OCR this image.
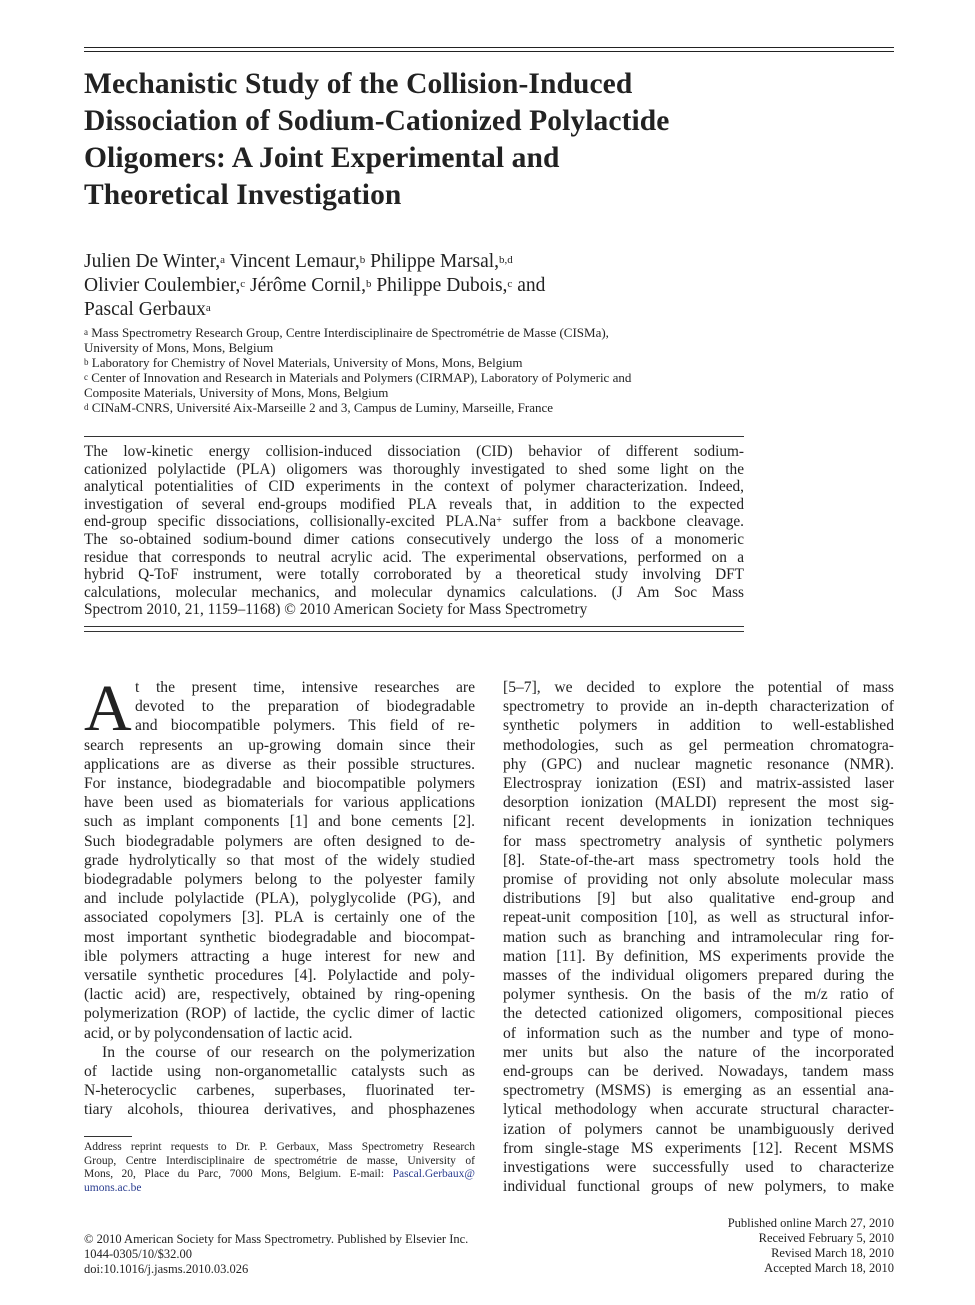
Mechanistic Study of the Collision-Induced
Dissociation of Sodium-Cationized Polylactide
Oligomers: A Joint Experimental and
Theoretical Investigation
Julien De Winter,$^a$ Vincent Lemaur,$^b$ Philippe Marsal,$^{b,d}$
Olivier Coulembier,$^c$ Jérôme Cornil,$^b$ Philippe Dubois,$^c$ and
Pascal Gerbaux$^a$
$^a$ Mass Spectrometry Research Group, Centre Interdisciplinaire de Spectrométrie de Masse (CISMa),
University of Mons, Mons, Belgium
$^b$ Laboratory for Chemistry of Novel Materials, University of Mons, Mons, Belgium
$^c$ Center of Innovation and Research in Materials and Polymers (CIRMAP), Laboratory of Polymeric and
Composite Materials, University of Mons, Mons, Belgium
$^d$ CINaM-CNRS, Université Aix-Marseille 2 and 3, Campus de Luminy, Marseille, France
The low-kinetic energy collision-induced dissociation (CID) behavior of different sodium-
cationized polylactide (PLA) oligomers was thoroughly investigated to shed some light on the
analytical potentialities of CID experiments in the context of polymer characterization. Indeed,
investigation of several end-groups modified PLA reveals that, in addition to the expected
end-group specific dissociations, collisionally-excited PLA.Na+ suffer from a backbone cleavage.
The so-obtained sodium-bound dimer cations consecutively undergo the loss of a monomeric
residue that corresponds to neutral acrylic acid. The experimental observations, performed on a
hybrid Q-ToF instrument, were totally corroborated by a theoretical study involving DFT
calculations, molecular mechanics, and molecular dynamics calculations. (J Am Soc Mass
Spectrom 2010, 21, 1159–1168) © 2010 American Society for Mass Spectrometry
A t the present time, intensive researches are
devoted to the preparation of biodegradable
and biocompatible polymers. This field of re-
search represents an up-growing domain since their
applications are as diverse as their possible structures.
For instance, biodegradable and biocompatible polymers
have been used as biomaterials for various applications
such as implant components [1] and bone cements [2].
Such biodegradable polymers are often designed to de-
grade hydrolytically so that most of the widely studied
biodegradable polymers belong to the polyester family
and include polylactide (PLA), polyglycolide (PG), and
associated copolymers [3]. PLA is certainly one of the
most important synthetic biodegradable and biocompat-
ible polymers attracting a huge interest for new and
versatile synthetic procedures [4]. Polylactide and poly-
(lactic acid) are, respectively, obtained by ring-opening
polymerization (ROP) of lactide, the cyclic dimer of lactic
acid, or by polycondensation of lactic acid.
In the course of our research on the polymerization
of lactide using non-organometallic catalysts such as
N-heterocyclic carbenes, superbases, fluorinated ter-
tiary alcohols, thiourea derivatives, and phosphazenes
[5–7], we decided to explore the potential of mass
spectrometry to provide an in-depth characterization of
synthetic polymers in addition to well-established
methodologies, such as gel permeation chromatogra-
phy (GPC) and nuclear magnetic resonance (NMR).
Electrospray ionization (ESI) and matrix-assisted laser
desorption ionization (MALDI) represent the most sig-
nificant recent developments in ionization techniques
for mass spectrometry analysis of synthetic polymers
[8]. State-of-the-art mass spectrometry tools hold the
promise of providing not only absolute molecular mass
distributions [9] but also qualitative end-group and
repeat-unit composition [10], as well as structural infor-
mation such as branching and intramolecular ring for-
mation [11]. By definition, MS experiments provide the
masses of the individual oligomers prepared during the
polymer synthesis. On the basis of the m/z ratio of
the detected cationized oligomers, compositional pieces
of information such as the number and type of mono-
mer units but also the nature of the incorporated
end-groups can be derived. Nowadays, tandem mass
spectrometry (MSMS) is emerging as an essential ana-
lytical methodology when accurate structural character-
ization of polymers cannot be unambiguously derived
from single-stage MS experiments [12]. Recent MSMS
investigations were successfully used to characterize
individual functional groups of new polymers, to make
Address reprint requests to Dr. P. Gerbaux, Mass Spectrometry Research
Group, Centre Interdisciplinaire de spectrométrie de masse, University of
Mons, 20, Place du Parc, 7000 Mons, Belgium. E-mail: Pascal.Gerbaux@
umons.ac.be
© 2010 American Society for Mass Spectrometry. Published by Elsevier Inc.
1044-0305/10/$32.00
doi:10.1016/j.jasms.2010.03.026
Published online March 27, 2010
Received February 5, 2010
Revised March 18, 2010
Accepted March 18, 2010
